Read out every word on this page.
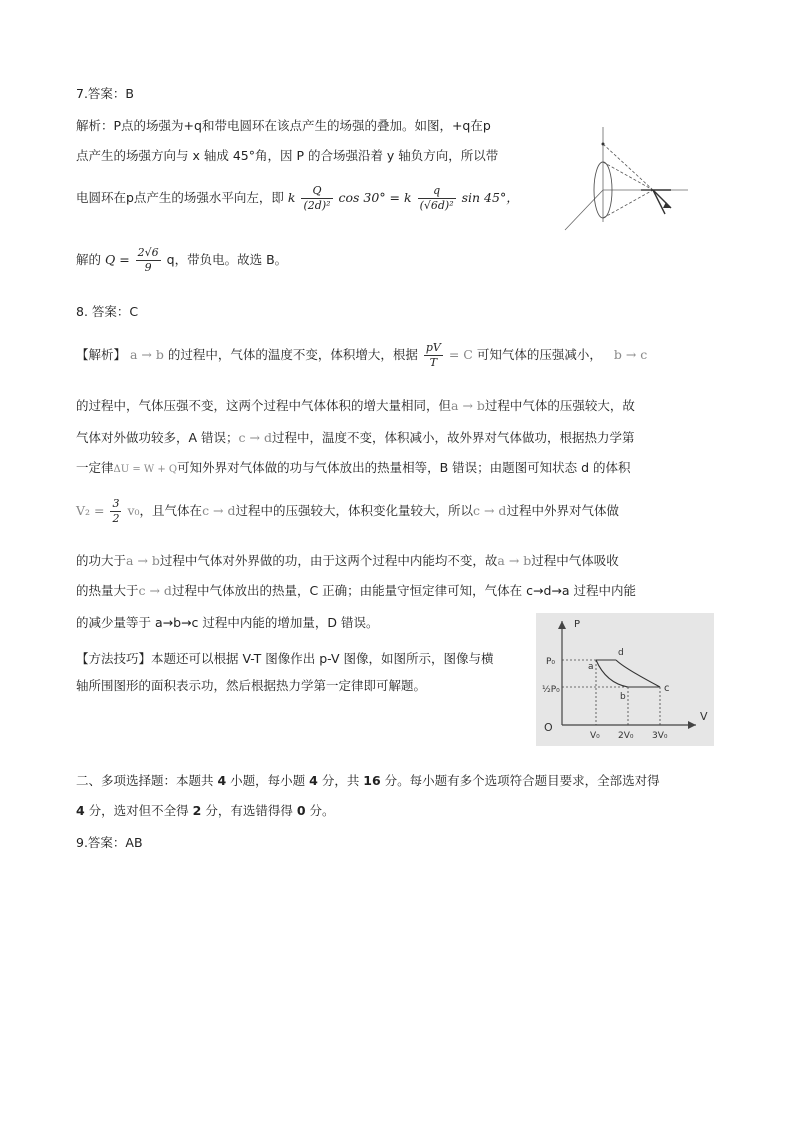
7.答案：B
解析：P点的场强为+q和带电圆环在该点产生的场强的叠加。如图，+q在p
点产生的场强方向与 x 轴成 45°角，因 P 的合场强沿着 y 轴负方向，所以带
电圆环在p点产生的场强水平向左，即 k $\frac{Q}{\text{(2d)²}}$ cos 30° = k $\frac{q}{\text{(√6d)²}}$ sin 45°，
解的 $Q = \frac{2√6}{9}$ q，带负电。故选 B。
8. 答案：C
【解析】 a → b 的过程中，气体的温度不变，体积增大，根据 $\frac{pV}{T} = C$ 可知气体的压强减小， b → c
的过程中，气体压强不变，这两个过程中气体体积的增大量相同，但a → b过程中气体的压强较大，故
气体对外做功较多，A 错误；c → d过程中，温度不变，体积减小，故外界对气体做功，根据热力学第
一定律ΔU = W + Q可知外界对气体做的功与气体放出的热量相等，B 错误；由题图可知状态 d 的体积
$V_2 = \frac{3}{2} v_0$，且气体在c → d过程中的压强较大，体积变化量较大，所以c → d过程中外界对气体做
的功大于a → b过程中气体对外界做的功，由于这两个过程中内能均不变，故a → b过程中气体吸收
的热量大于c → d过程中气体放出的热量，C 正确；由能量守恒定律可知，气体在 c→d→a 过程中内能
的减少量等于 a→b→c 过程中内能的增加量，D 错误。
【方法技巧】本题还可以根据 V-T 图像作出 p-V 图像，如图所示，图像与横
轴所围图形的面积表示功，然后根据热力学第一定律即可解题。
P
V
O
P₀
½P₀
V₀ 2V₀ 3V₀
a
b
c
d
二、多项选择题：本题共 4 小题，每小题 4 分，共 16 分。每小题有多个选项符合题目要求，全部选对得
4 分，选对但不全得 2 分，有选错得得 0 分。
9.答案：AB
